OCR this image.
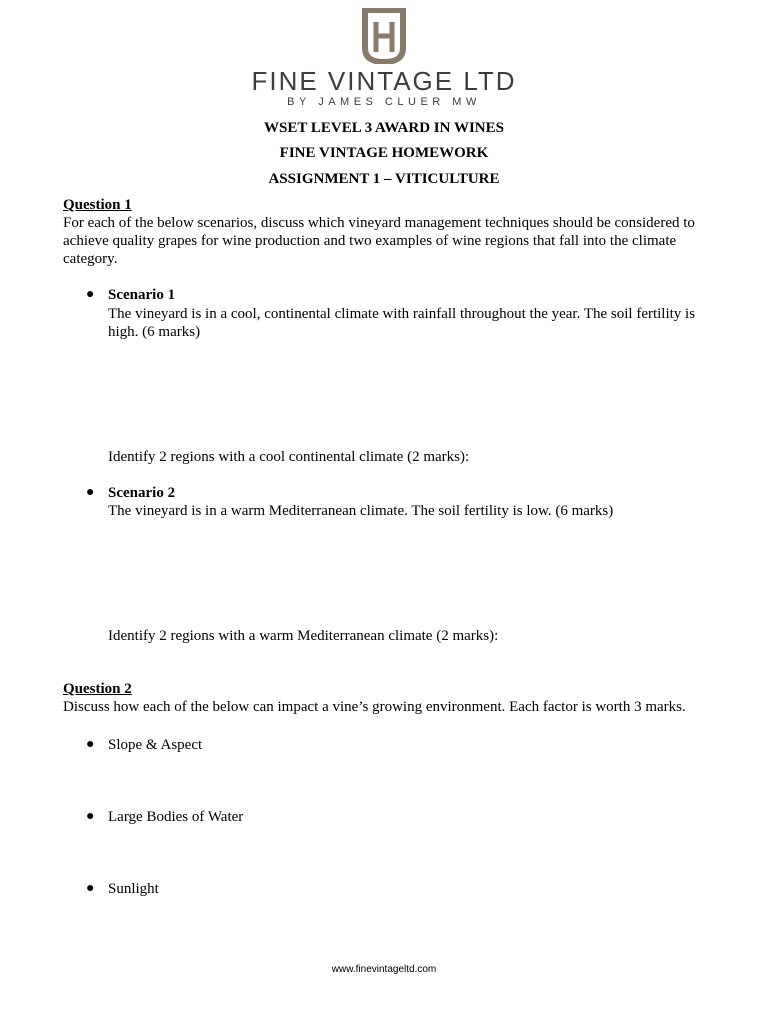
FINE VINTAGE LTD
BY JAMES CLUER MW
WSET LEVEL 3 AWARD IN WINES
FINE VINTAGE HOMEWORK
ASSIGNMENT 1 – VITICULTURE
Question 1
For each of the below scenarios, discuss which vineyard management techniques should be considered to
achieve quality grapes for wine production and two examples of wine regions that fall into the climate
category.
● Scenario 1
The vineyard is in a cool, continental climate with rainfall throughout the year. The soil fertility is
high. (6 marks)
Identify 2 regions with a cool continental climate (2 marks):
● Scenario 2
The vineyard is in a warm Mediterranean climate. The soil fertility is low. (6 marks)
Identify 2 regions with a warm Mediterranean climate (2 marks):
Question 2
Discuss how each of the below can impact a vine’s growing environment. Each factor is worth 3 marks.
● Slope & Aspect
● Large Bodies of Water
● Sunlight
www.finevintageltd.com
